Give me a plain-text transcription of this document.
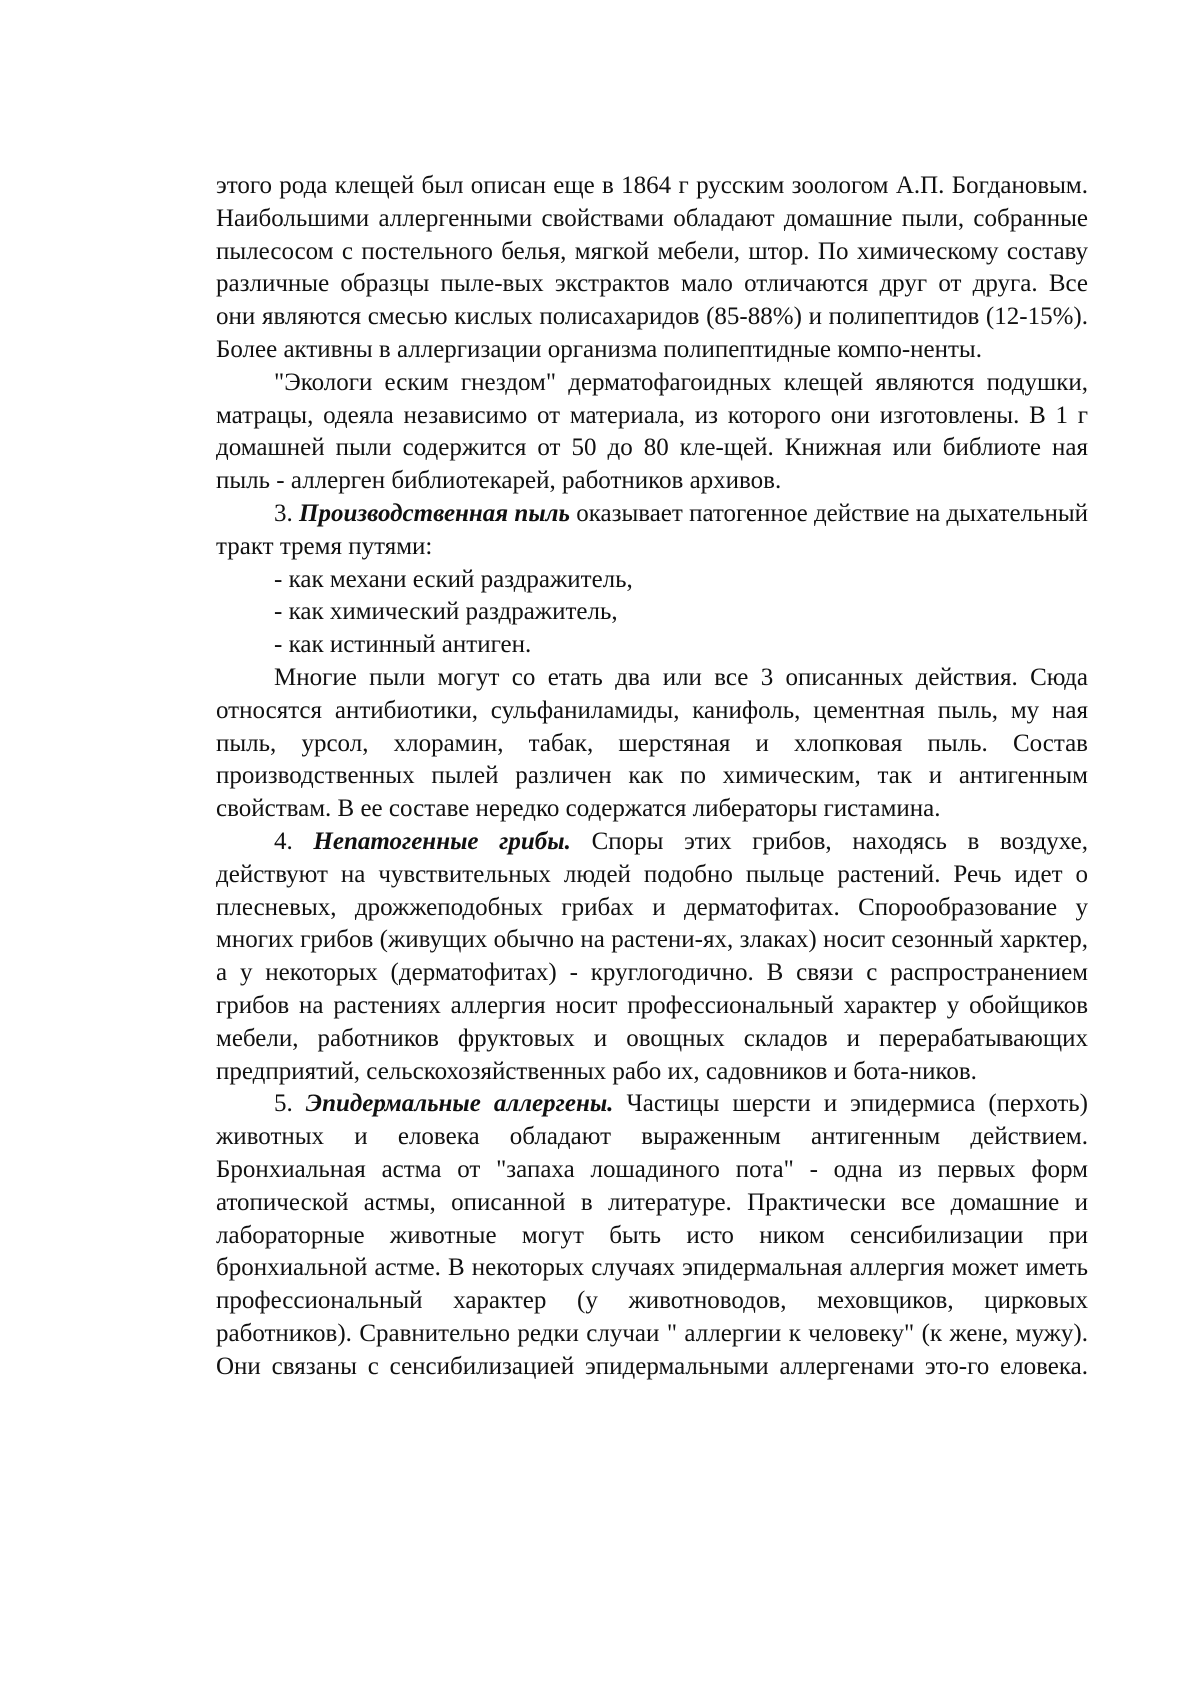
этого рода клещей был описан еще в 1864 г русским зоологом А.П. Богдановым. Наибольшими аллергенными свойствами обладают домашние пыли, собранные пылесосом с постельного белья, мягкой мебели, штор. По химическому составу различные образцы пыле-вых экстрактов мало отличаются друг от друга. Все они являются смесью кислых полисахаридов (85-88%) и полипептидов (12-15%). Более активны в аллергизации организма полипептидные компо-ненты.

"Экологи еским гнездом" дерматофагоидных клещей являются подушки, матрацы, одеяла независимо от материала, из которого они изготовлены. В 1 г домашней пыли содержится от 50 до 80 кле-щей. Книжная или библиоте ная пыль - аллерген библиотекарей, работников архивов.

3. Производственная пыль оказывает патогенное действие на дыхательный тракт тремя путями:

- как механи еский раздражитель,

- как химический раздражитель,

- как истинный антиген.

Многие пыли могут со етать два или все 3 описанных действия. Сюда относятся антибиотики, сульфаниламиды, канифоль, цементная пыль, му ная пыль, урсол, хлорамин, табак, шерстяная и хлопковая пыль. Состав производственных пылей различен как по химическим, так и антигенным свойствам. В ее составе нередко содержатся либераторы гистамина.

4. Непатогенные грибы. Споры этих грибов, находясь в воздухе, действуют на чувствительных людей подобно пыльце растений. Речь идет о плесневых, дрожжеподобных грибах и дерматофитах. Спорообразование у многих грибов (живущих обычно на растени-ях, злаках) носит сезонный харктер, а у некоторых (дерматофитах) - круглогодично. В связи с распространением грибов на растениях аллергия носит профессиональный характер у обойщиков мебели, работников фруктовых и овощных складов и перерабатывающих предприятий, сельскохозяйственных рабо их, садовников и бота-ников.

5. Эпидермальные аллергены. Частицы шерсти и эпидермиса (перхоть) животных и еловека обладают выраженным антигенным действием. Бронхиальная астма от "запаха лошадиного пота" - одна из первых форм атопической астмы, описанной в литературе. Практически все домашние и лабораторные животные могут быть исто ником сенсибилизации при бронхиальной астме. В некоторых случаях эпидермальная аллергия может иметь профессиональный характер (у животноводов, меховщиков, цирковых работников). Сравнительно редки случаи " аллергии к человеку" (к жене, мужу). Они связаны с сенсибилизацией эпидермальными аллергенами это-го еловека.
